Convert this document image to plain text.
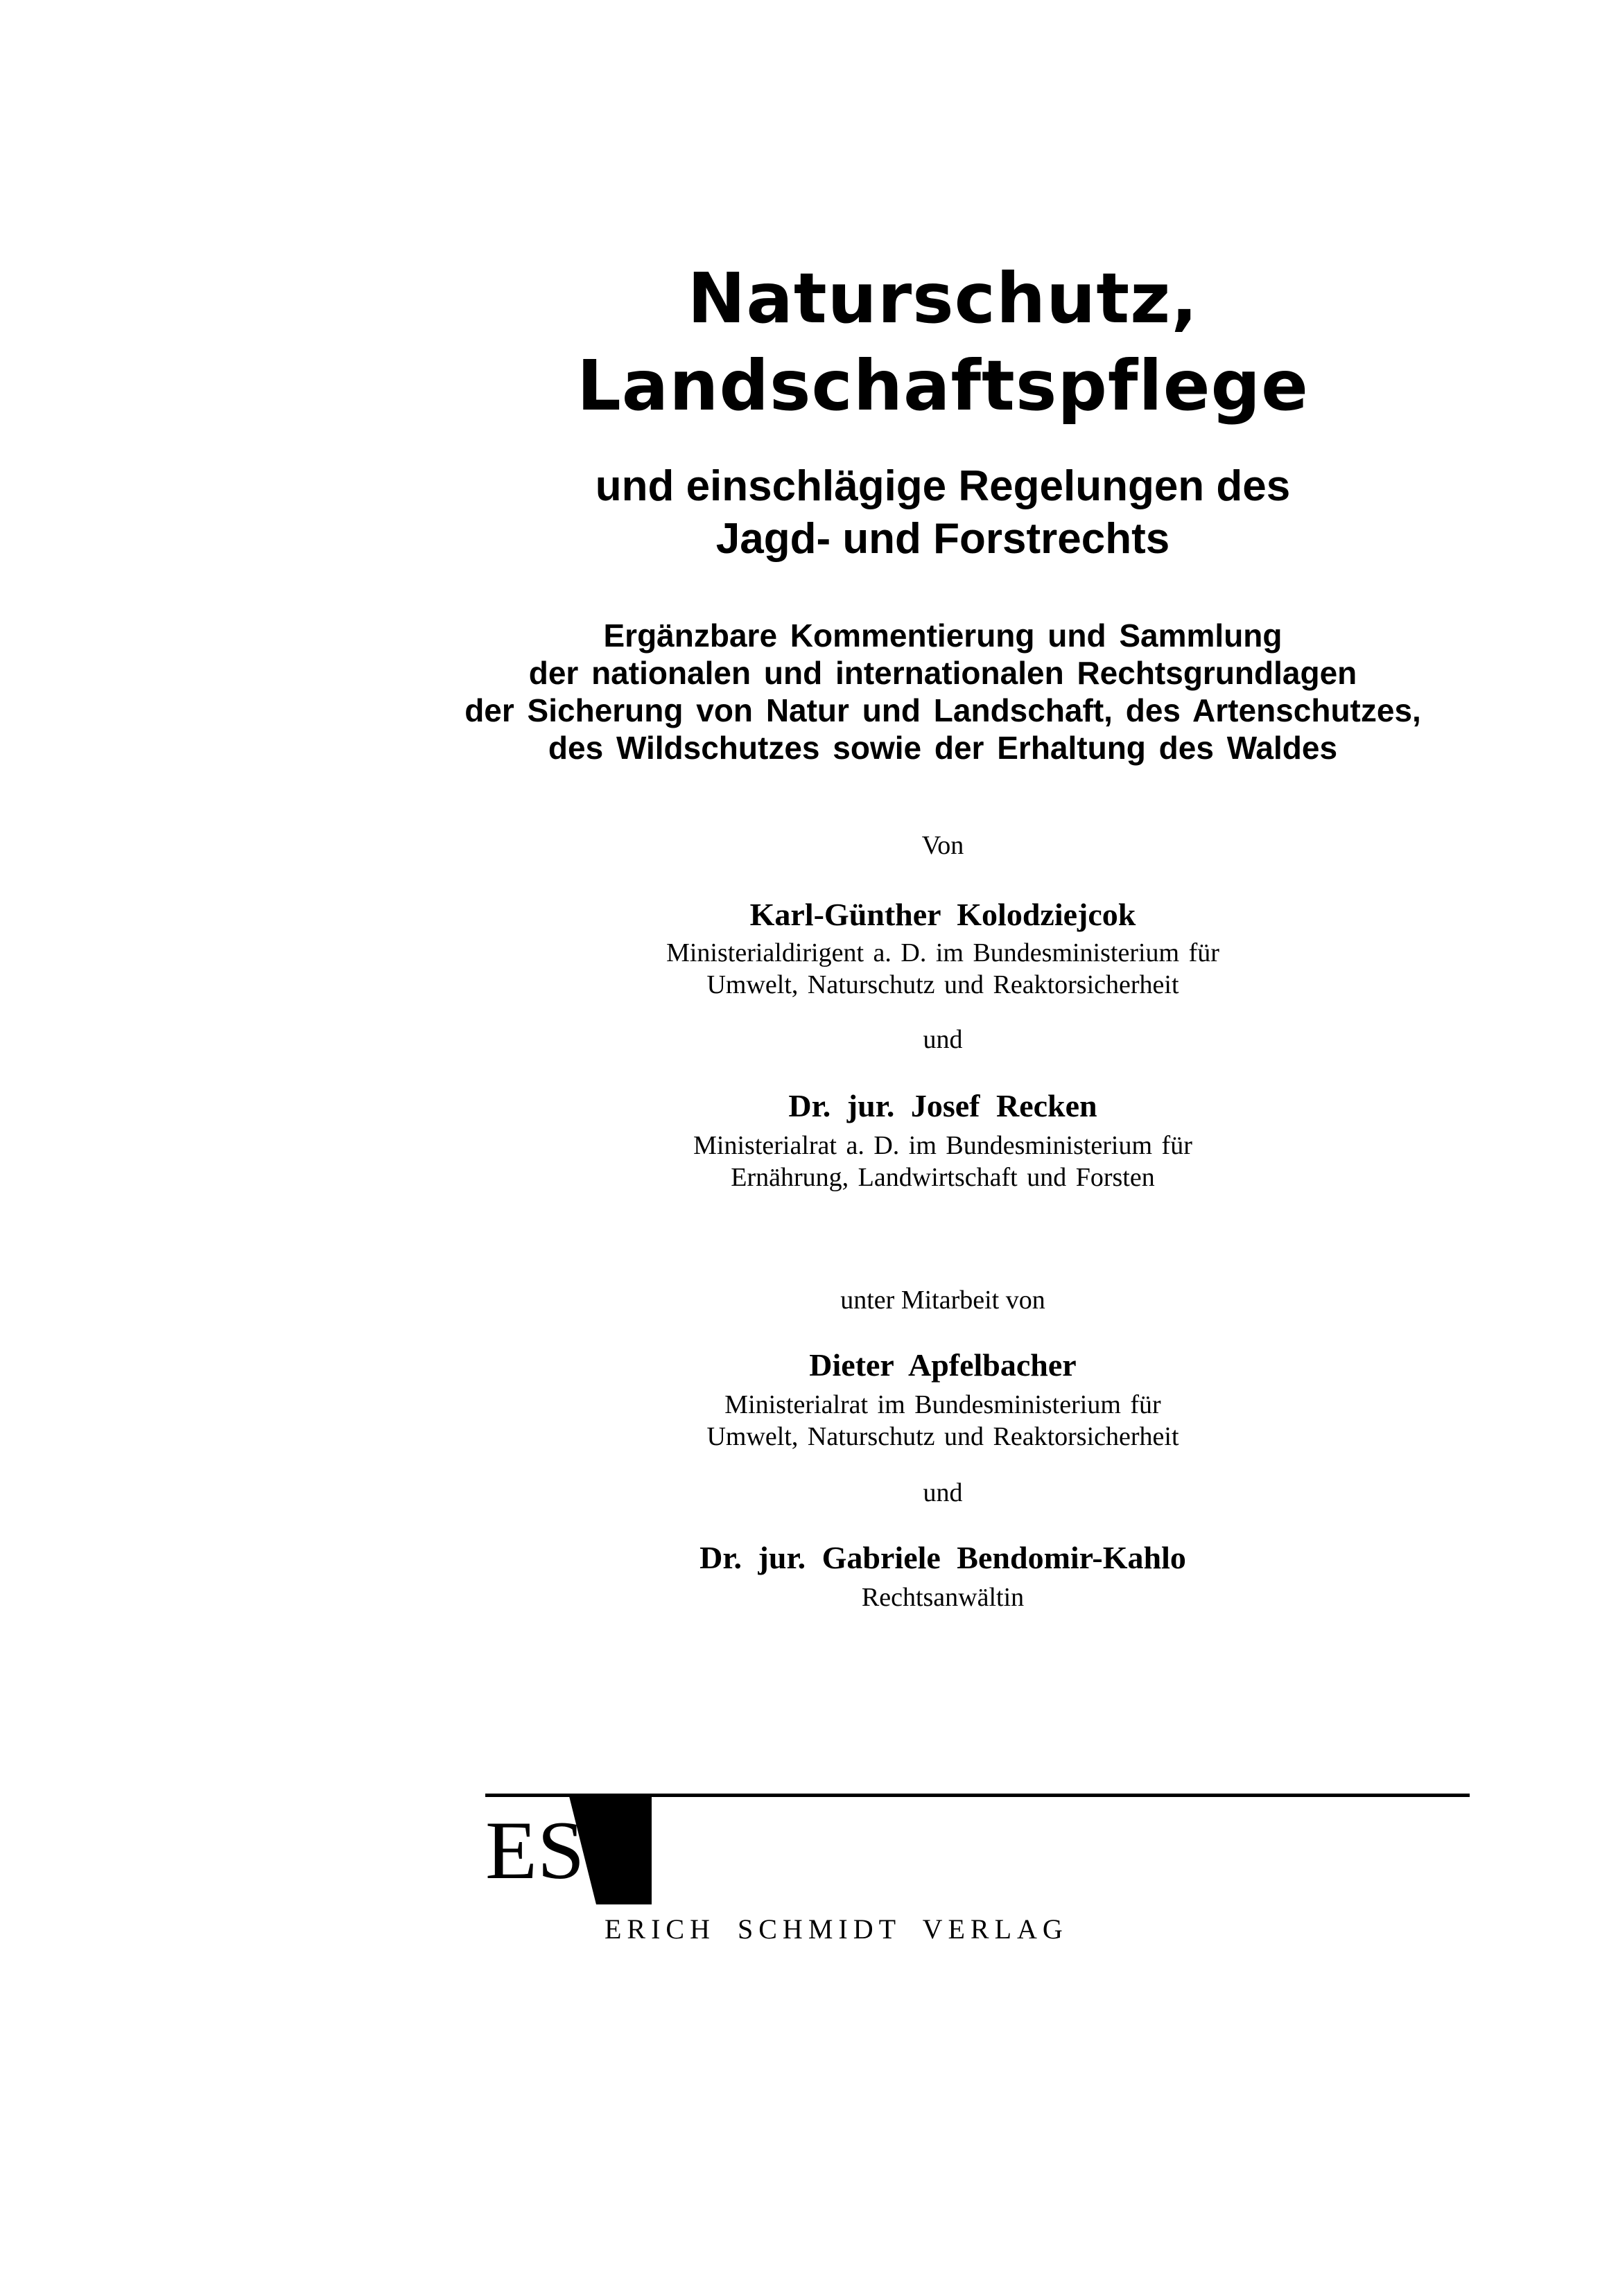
Naturschutz,
Landschaftspflege
und einschlägige Regelungen des
Jagd- und Forstrechts
Ergänzbare Kommentierung und Sammlung
der nationalen und internationalen Rechtsgrundlagen
der Sicherung von Natur und Landschaft, des Artenschutzes,
des Wildschutzes sowie der Erhaltung des Waldes
Von
Karl-Günther Kolodziejcok
Ministerialdirigent a. D. im Bundesministerium für
Umwelt, Naturschutz und Reaktorsicherheit
und
Dr. jur. Josef Recken
Ministerialrat a. D. im Bundesministerium für
Ernährung, Landwirtschaft und Forsten
unter Mitarbeit von
Dieter Apfelbacher
Ministerialrat im Bundesministerium für
Umwelt, Naturschutz und Reaktorsicherheit
und
Dr. jur. Gabriele Bendomir-Kahlo
Rechtsanwältin
ESV
ERICH SCHMIDT VERLAG
